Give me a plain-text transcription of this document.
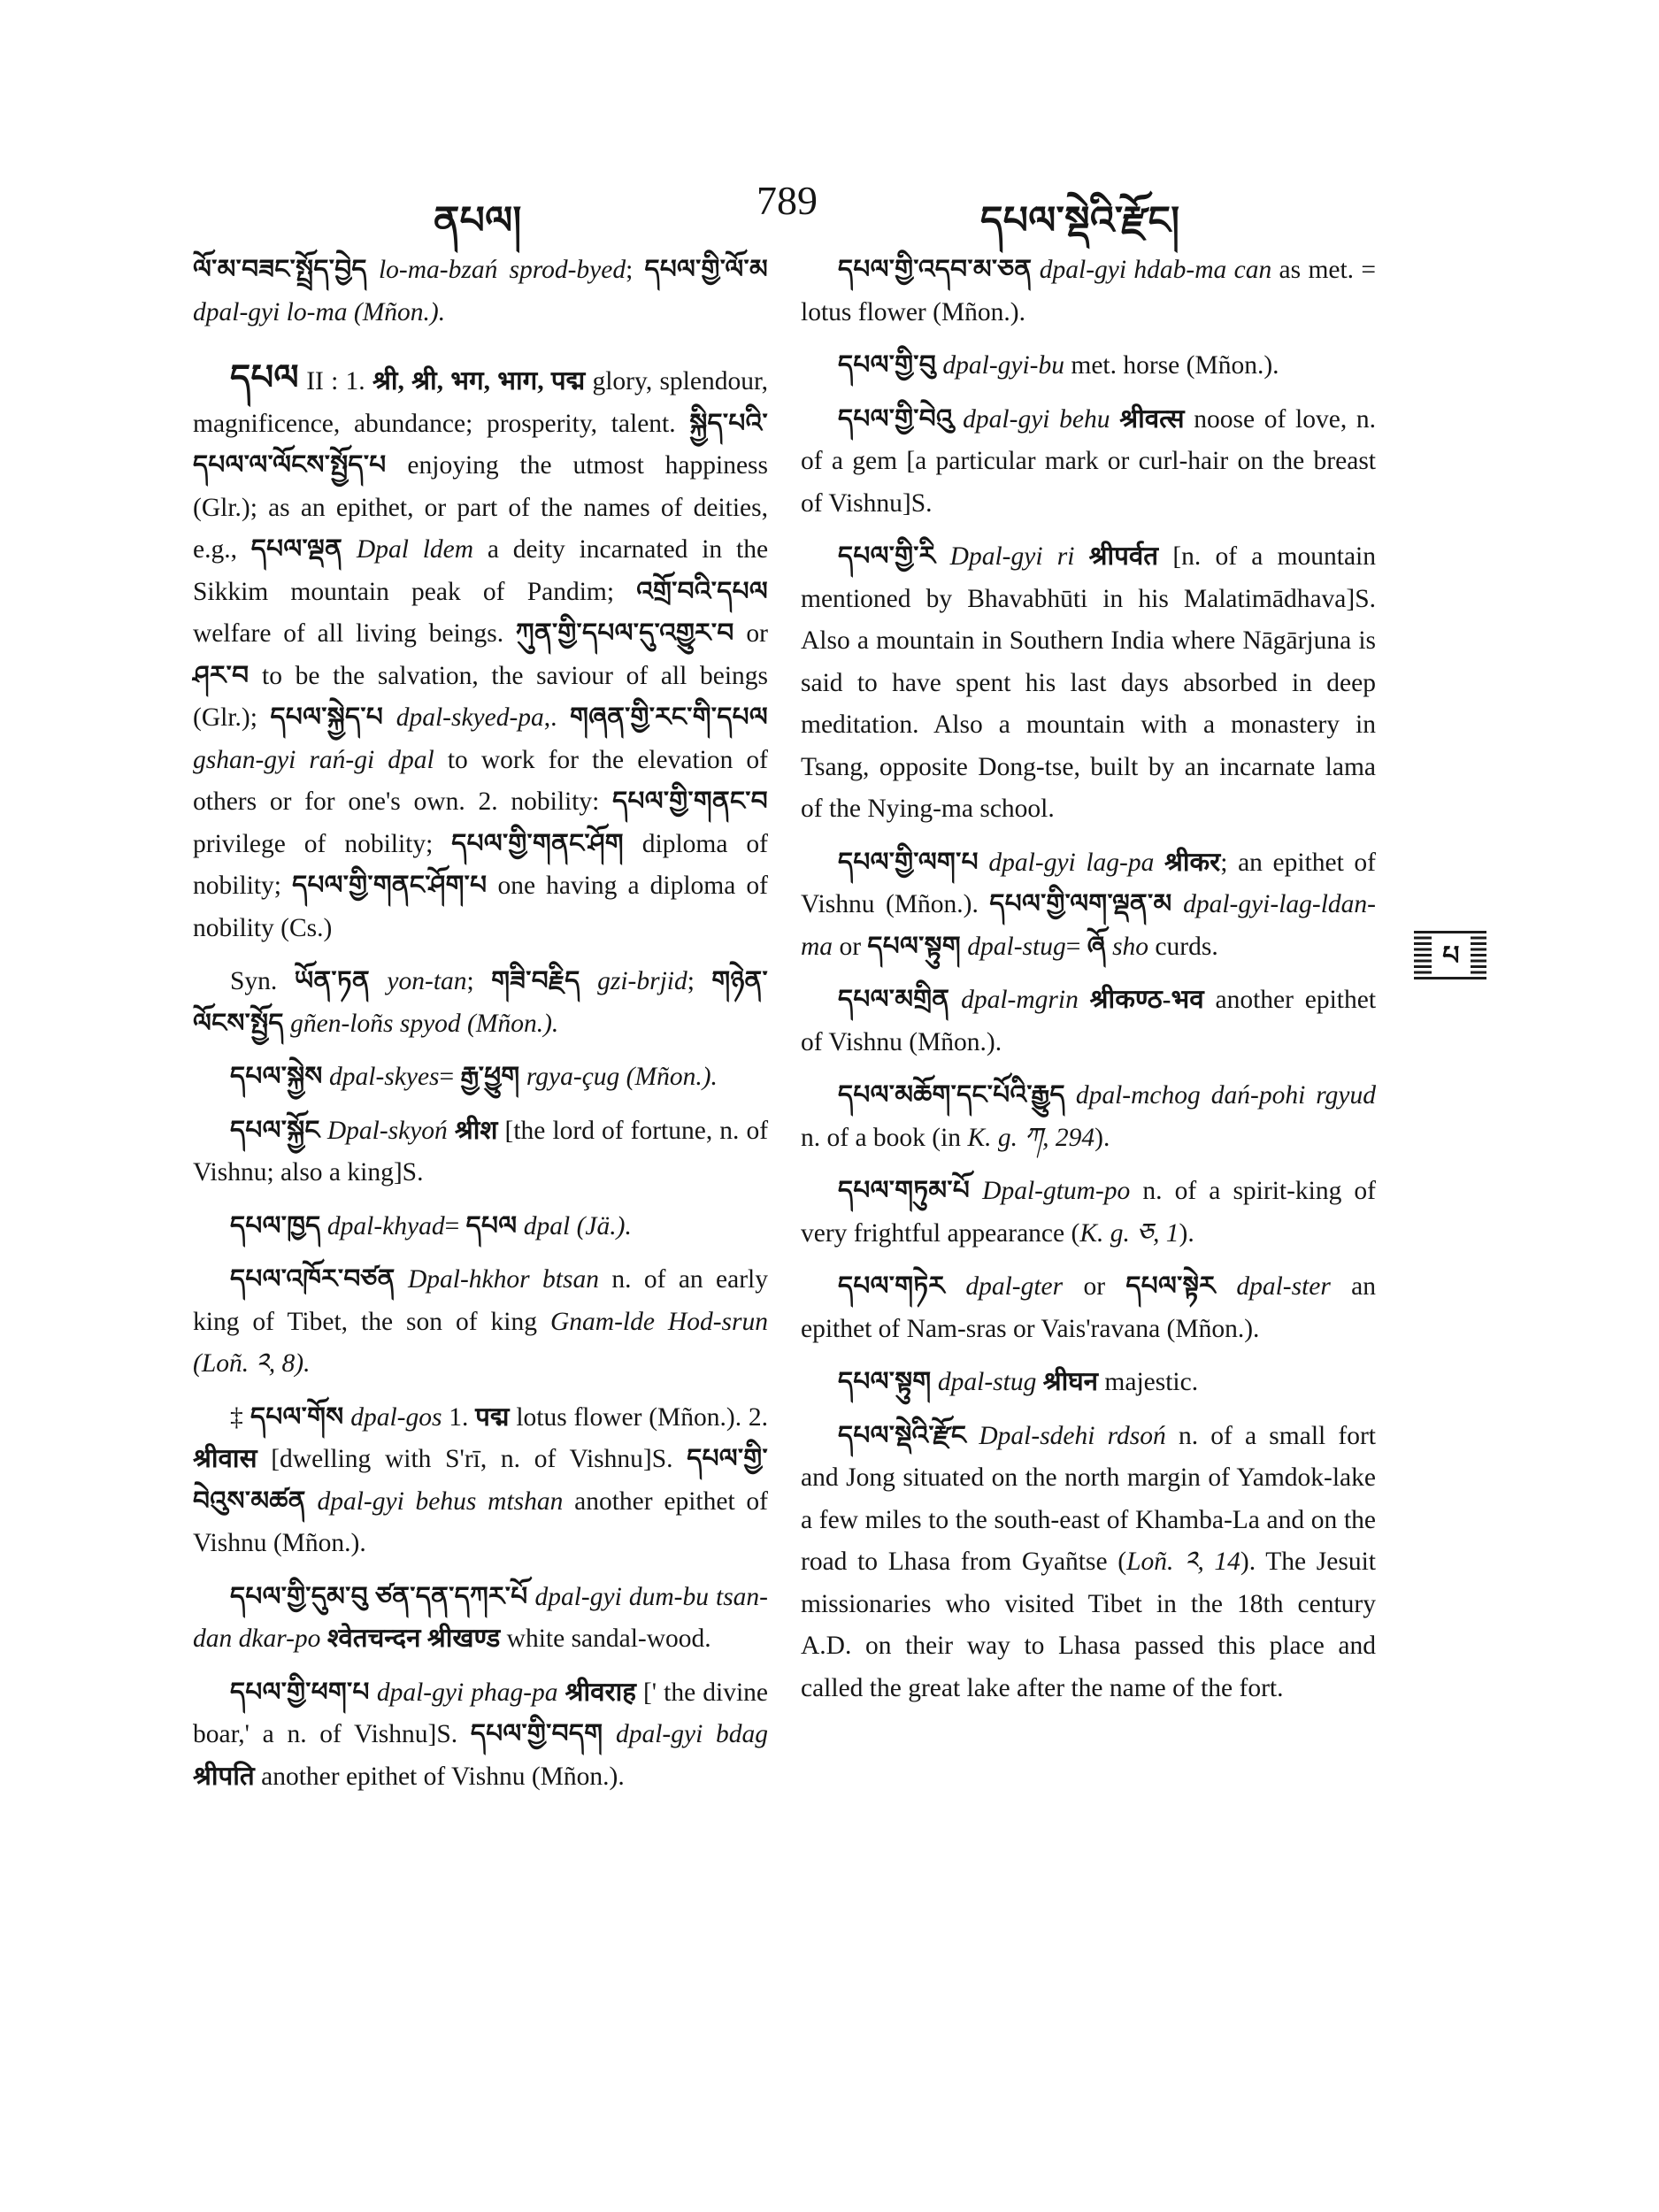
ནཔལ།	789	དཔལ་སྡེའི་རྫོང།

ལོ་མ་བཟང་སྤྲོད་བྱེད lo-ma-bzań sprod-byed; དཔལ་གྱི་ལོ་མ dpal-gyi lo-ma (Mñon.).

དཔལ II : 1. श्री, श्री, भग, भाग, पद्म glory, splendour, magnificence, abundance; prosperity, talent. སྐྱིད་པའི་དཔལ་ལ་ལོངས་སྤྱོད་པ enjoying the utmost happiness (Glr.); as an epithet, or part of the names of deities, e.g., དཔལ་ལྡན Dpal ldem a deity incarnated in the Sikkim mountain peak of Pandim; འགྲོ་བའི་དཔལ welfare of all living beings. ཀུན་གྱི་དཔལ་དུ་འགྱུར་བ or ཤར་བ to be the salvation, the saviour of all beings (Glr.); དཔལ་སྐྱེད་པ dpal-skyed-pa,. གཞན་གྱི་རང་གི་དཔལ gshan-gyi rań-gi dpal to work for the elevation of others or for one's own. 2. nobility: དཔལ་གྱི་གནང་བ privilege of nobility; དཔལ་གྱི་གནང་ཤོག diploma of nobility; དཔལ་གྱི་གནང་ཤོག་པ one having a diploma of nobility (Cs.)

Syn. ཡོན་ཏན yon-tan; གཟི་བརྗིད gzi-brjid; གཉེན་ལོངས་སྤྱོད gñen-loñs spyod (Mñon.).

དཔལ་སྐྱེས dpal-skyes= རྒྱ་ཕྱུག rgya-çug (Mñon.).

དཔལ་སྐྱོང Dpal-skyoń श्रीश [the lord of fortune, n. of Vishnu; also a king]S.

དཔལ་ཁྱད dpal-khyad= དཔལ dpal (Jä.).

དཔལ་འཁོར་བཙན Dpal-hkhor btsan n. of an early king of Tibet, the son of king Gnam-lde Hod-srun (Loñ. ༢, 8).

‡ དཔལ་གོས dpal-gos 1. पद्म lotus flower (Mñon.). 2. श्रीवास [dwelling with S'rī, n. of Vishnu]S. དཔལ་གྱི་བེའུས་མཚན dpal-gyi behus mtshan another epithet of Vishnu (Mñon.).

དཔལ་གྱི་དུམ་བུ ཙན་དན་དཀར་པོ dpal-gyi dum-bu tsan-dan dkar-po श्वेतचन्दन श्रीखण्ड white sandal-wood.

དཔལ་གྱི་ཕག་པ dpal-gyi phag-pa श्रीवराह [' the divine boar,' a n. of Vishnu]S. དཔལ་གྱི་བདག dpal-gyi bdag श्रीपति another epithet of Vishnu (Mñon.).

དཔལ་གྱི་འདབ་མ་ཅན dpal-gyi hdab-ma can as met. = lotus flower (Mñon.).

དཔལ་གྱི་བུ dpal-gyi-bu met. horse (Mñon.).

དཔལ་གྱི་བེའུ dpal-gyi behu श्रीवत्स noose of love, n. of a gem [a particular mark or curl-hair on the breast of Vishnu]S.

དཔལ་གྱི་རི Dpal-gyi ri श्रीपर्वत [n. of a mountain mentioned by Bhavabhūti in his Malatimādhava]S. Also a mountain in Southern India where Nāgārjuna is said to have spent his last days absorbed in deep meditation. Also a mountain with a monastery in Tsang, opposite Dong-tse, built by an incarnate lama of the Nying-ma school.

དཔལ་གྱི་ལག་པ dpal-gyi lag-pa श्रीकर; an epithet of Vishnu (Mñon.). དཔལ་གྱི་ལག་ལྡན་མ dpal-gyi-lag-ldan-ma or དཔལ་སྟུག dpal-stug= ཞོ sho curds.

དཔལ་མགྲིན dpal-mgrin श्रीकण्ठ-भव another epithet of Vishnu (Mñon.).

དཔལ་མཆོག་དང་པོའི་རྒྱུད dpal-mchog dań-pohi rgyud n. of a book (in K. g. ཀ, 294).

དཔལ་གཏུམ་པོ Dpal-gtum-po n. of a spirit-king of very frightful appearance (K. g. ཅ, 1).

དཔལ་གཏེར dpal-gter or དཔལ་སྟེར dpal-ster an epithet of Nam-sras or Vais'ravana (Mñon.).

དཔལ་སྟུག dpal-stug श्रीघन majestic.

དཔལ་སྡེའི་རྫོང Dpal-sdehi rdsoń n. of a small fort and Jong situated on the north margin of Yamdok-lake a few miles to the south-east of Khamba-La and on the road to Lhasa from Gyañtse (Loñ. ༢, 14). The Jesuit missionaries who visited Tibet in the 18th century A.D. on their way to Lhasa passed this place and called the great lake after the name of the fort.

པ
